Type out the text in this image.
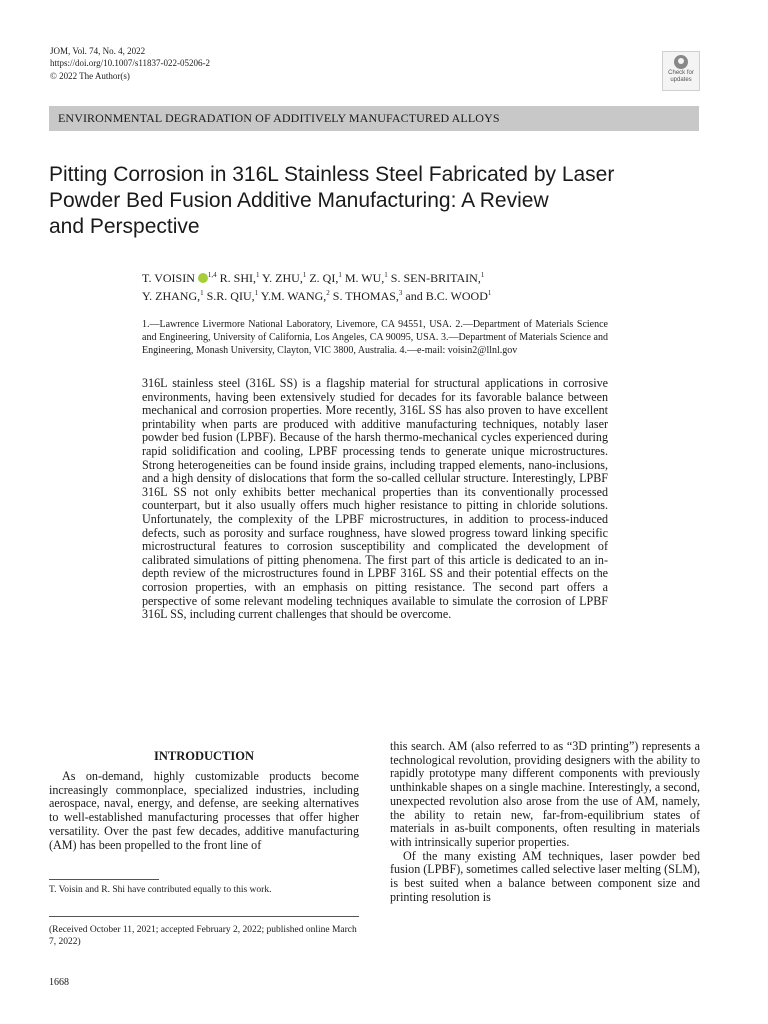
JOM, Vol. 74, No. 4, 2022
https://doi.org/10.1007/s11837-022-05206-2
© 2022 The Author(s)	Check for
updates
ENVIRONMENTAL DEGRADATION OF ADDITIVELY MANUFACTURED ALLOYS
Pitting Corrosion in 316L Stainless Steel Fabricated by Laser
Powder Bed Fusion Additive Manufacturing: A Review
and Perspective
T. VOISIN $^{1,4}$ R. SHI,$^1$ Y. ZHU,$^1$ Z. QI,$^1$ M. WU,$^1$ S. SEN-BRITAIN,$^1$
Y. ZHANG,$^1$ S.R. QIU,$^1$ Y.M. WANG,$^2$ S. THOMAS,$^3$ and B.C. WOOD$^1$
1.—Lawrence Livermore National Laboratory, Livemore, CA 94551, USA. 2.—Department of Materials Science and Engineering, University of California, Los Angeles, CA 90095, USA. 3.—Department of Materials Science and Engineering, Monash University, Clayton, VIC 3800, Australia. 4.—e-mail: voisin2@llnl.gov
316L stainless steel (316L SS) is a flagship material for structural applications in corrosive environments, having been extensively studied for decades for its favorable balance between mechanical and corrosion properties. More recently, 316L SS has also proven to have excellent printability when parts are produced with additive manufacturing techniques, notably laser powder bed fusion (LPBF). Because of the harsh thermo-mechanical cycles experienced during rapid solidification and cooling, LPBF processing tends to generate unique microstructures. Strong heterogeneities can be found inside grains, including trapped elements, nano-inclusions, and a high density of dislocations that form the so-called cellular structure. Interestingly, LPBF 316L SS not only exhibits better mechanical properties than its conventionally processed counterpart, but it also usually offers much higher resistance to pitting in chloride solutions. Unfortunately, the complexity of the LPBF microstructures, in addition to process-induced defects, such as porosity and surface roughness, have slowed progress toward linking specific microstructural features to corrosion susceptibility and complicated the development of calibrated simulations of pitting phenomena. The first part of this article is dedicated to an in-depth review of the microstructures found in LPBF 316L SS and their potential effects on the corrosion properties, with an emphasis on pitting resistance. The second part offers a perspective of some relevant modeling techniques available to simulate the corrosion of LPBF 316L SS, including current challenges that should be overcome.
INTRODUCTION

As on-demand, highly customizable products become increasingly commonplace, specialized industries, including aerospace, naval, energy, and defense, are seeking alternatives to well-established manufacturing processes that offer higher versatility. Over the past few decades, additive manufacturing (AM) has been propelled to the front line of

T. Voisin and R. Shi have contributed equally to this work.
(Received October 11, 2021; accepted February 2, 2022; published online March 7, 2022)
1668

this search. AM (also referred to as “3D printing”) represents a technological revolution, providing designers with the ability to rapidly prototype many different components with previously unthinkable shapes on a single machine. Interestingly, a second, unexpected revolution also arose from the use of AM, namely, the ability to retain new, far-from-equilibrium states of materials in as-built components, often resulting in materials with intrinsically superior properties.

Of the many existing AM techniques, laser powder bed fusion (LPBF), sometimes called selective laser melting (SLM), is best suited when a balance between component size and printing resolution is
